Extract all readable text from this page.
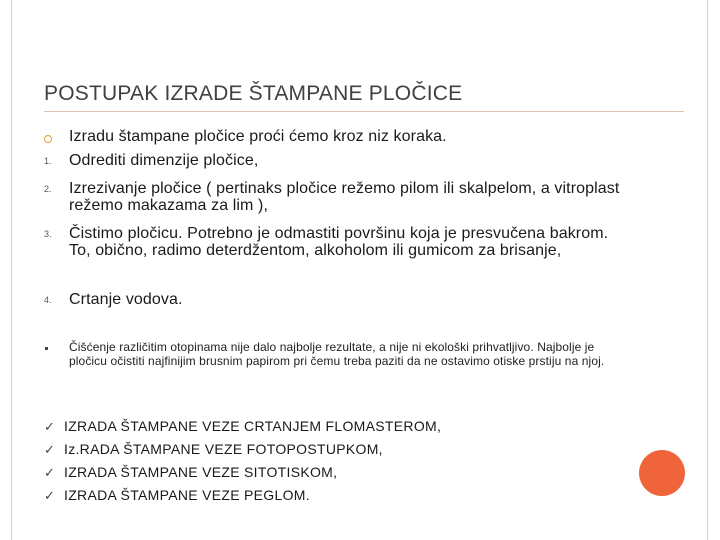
POSTUPAK IZRADE ŠTAMPANE PLOČICE
Izradu štampane pločice proći ćemo kroz niz koraka.
1.	Odrediti dimenzije pločice,
2.	Izrezivanje pločice ( pertinaks pločice režemo pilom ili skalpelom, a vitroplast režemo makazama za lim ),
3.	Čistimo pločicu. Potrebno je odmastiti površinu koja je presvučena bakrom. To, obično, radimo deterdžentom, alkoholom ili gumicom za brisanje,
4.	Crtanje vodova.
Čišćenje različitim otopinama nije dalo najbolje rezultate, a nije ni ekološki prihvatljivo. Najbolje je pločicu očistiti najfinijim brusnim papirom pri čemu treba paziti da ne ostavimo otiske prstiju na njoj.
✓ IZRADA ŠTAMPANE VEZE CRTANJEM FLOMASTEROM,
✓ Iz.RADA ŠTAMPANE VEZE FOTOPOSTUPKOM,
✓ IZRADA ŠTAMPANE VEZE SITOTISKOM,
✓ IZRADA ŠTAMPANE VEZE PEGLOM.
